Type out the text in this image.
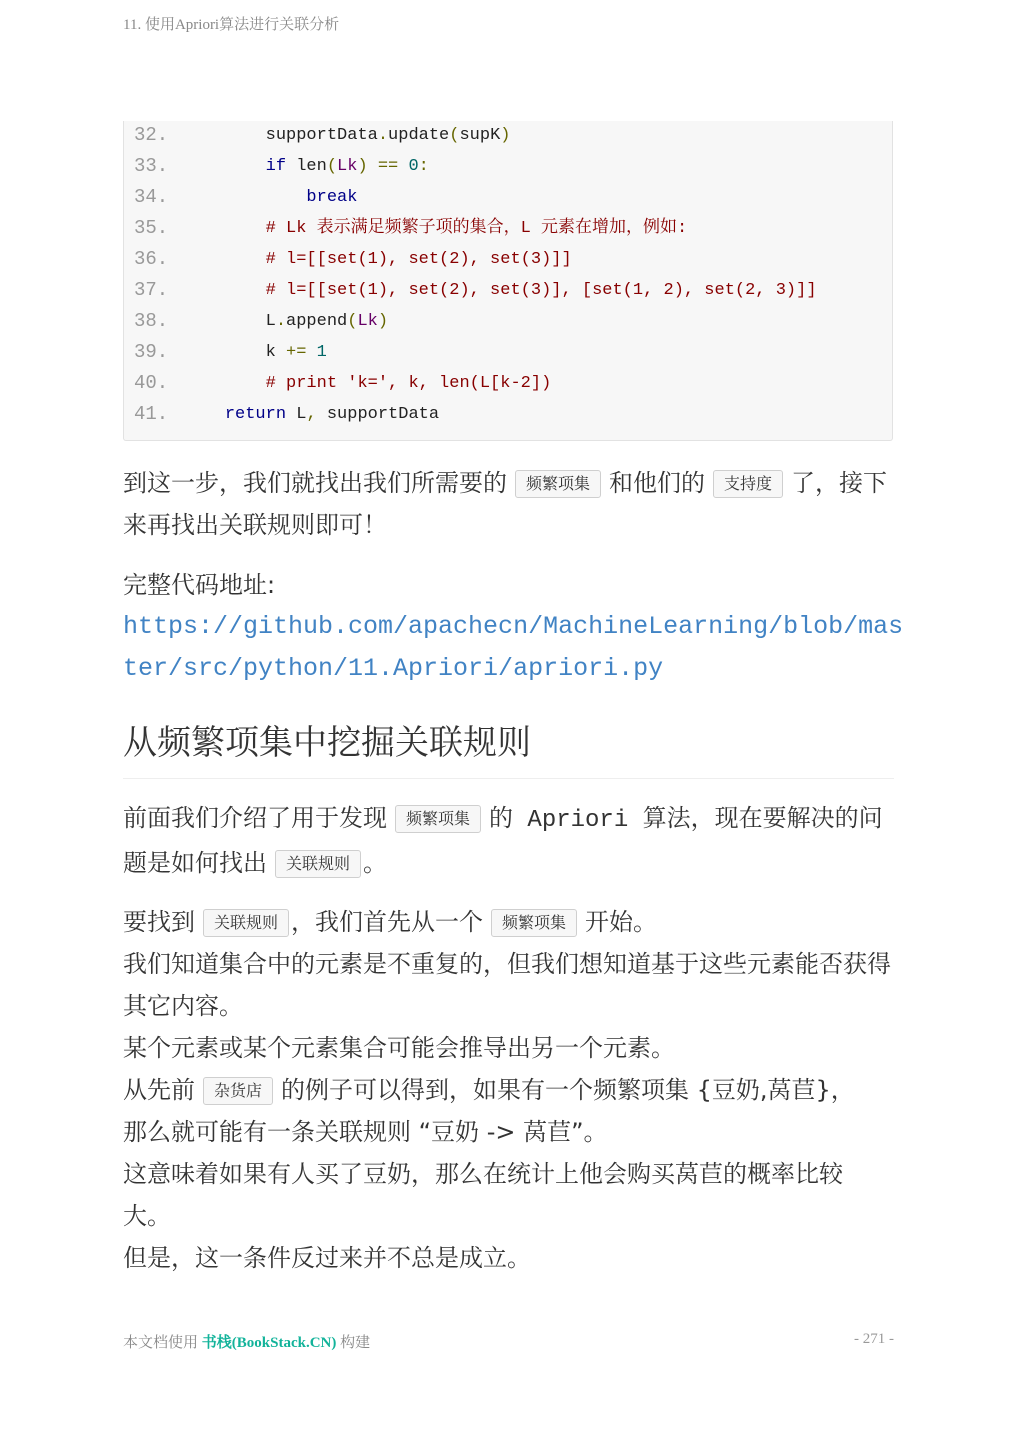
11. 使用Apriori算法进行关联分析
32.	supportData.update(supK)
33.	if len(Lk) == 0:
34.	break
35.	# Lk 表示满足频繁子项的集合，L 元素在增加，例如:
36.	# l=[[set(1), set(2), set(3)]]
37.	# l=[[set(1), set(2), set(3)], [set(1, 2), set(2, 3)]]
38.	L.append(Lk)
39.	k += 1
40.	# print 'k=', k, len(L[k-2])
41.	return L, supportData

到这一步，我们就找出我们所需要的 频繁项集 和他们的 支持度 了，接下来再找出关联规则即可！

完整代码地址:

https://github.com/apachecn/MachineLearning/blob/master/src/python/11.Apriori/apriori.py
从频繁项集中挖掘关联规则

前面我们介绍了用于发现 频繁项集 的 Apriori 算法，现在要解决的问题是如何找出 关联规则 。

要找到 关联规则 ，我们首先从一个 频繁项集 开始。
我们知道集合中的元素是不重复的，但我们想知道基于这些元素能否获得其它内容。
某个元素或某个元素集合可能会推导出另一个元素。
从先前 杂货店 的例子可以得到，如果有一个频繁项集 {豆奶,莴苣}，那么就可能有一条关联规则 “豆奶 -> 莴苣”。
这意味着如果有人买了豆奶，那么在统计上他会购买莴苣的概率比较大。
但是，这一条件反过来并不总是成立。
本文档使用 书栈(BookStack.CN) 构建	- 271 -
